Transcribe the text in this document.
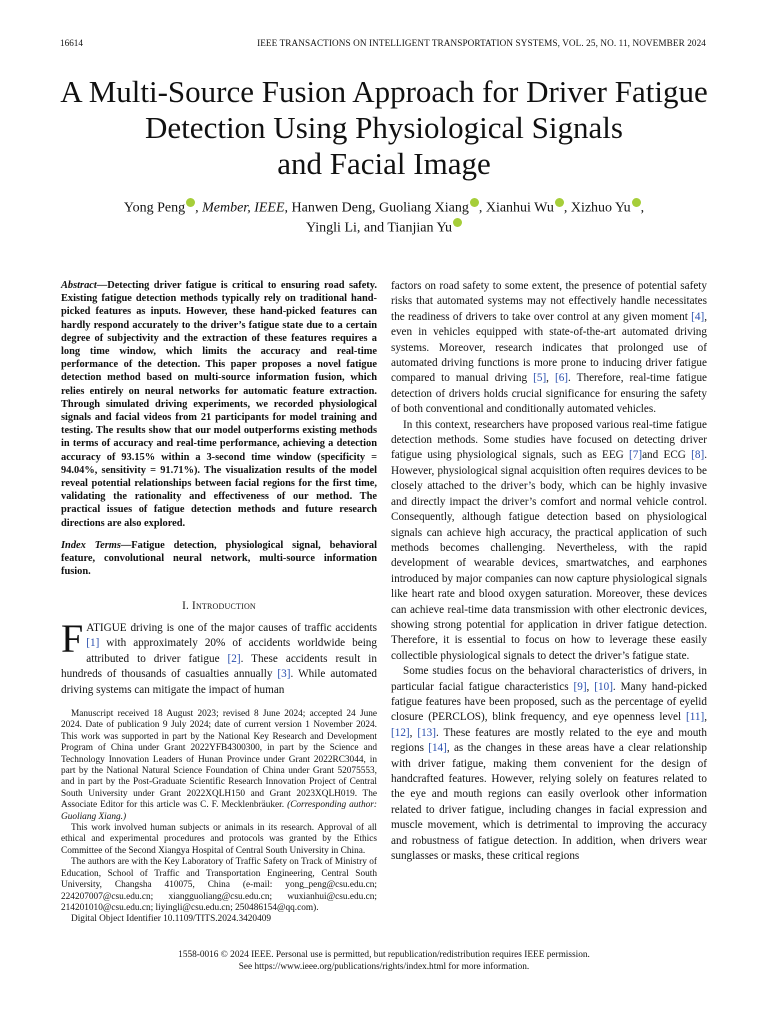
16614	IEEE TRANSACTIONS ON INTELLIGENT TRANSPORTATION SYSTEMS, VOL. 25, NO. 11, NOVEMBER 2024
A Multi-Source Fusion Approach for Driver Fatigue
Detection Using Physiological Signals
and Facial Image
Yong Peng , Member, IEEE, Hanwen Deng, Guoliang Xiang , Xianhui Wu , Xizhuo Yu ,
Yingli Li, and Tianjian Yu
Abstract—Detecting driver fatigue is critical to ensuring road safety. Existing fatigue detection methods typically rely on traditional hand-picked features as inputs. However, these hand-picked features can hardly respond accurately to the driver’s fatigue state due to a certain degree of subjectivity and the extraction of these features requires a long time window, which limits the accuracy and real-time performance of the detection. This paper proposes a novel fatigue detection method based on multi-source information fusion, which relies entirely on neural networks for automatic feature extraction. Through simulated driving experiments, we recorded physiological signals and facial videos from 21 participants for model training and testing. The results show that our model outperforms existing methods in terms of accuracy and real-time performance, achieving a detection accuracy of 93.15% within a 3-second time window (specificity = 94.04%, sensitivity = 91.71%). The visualization results of the model reveal potential relationships between facial regions for the first time, validating the rationality and effectiveness of our method. The practical issues of fatigue detection methods and future research directions are also explored.
Index Terms—Fatigue detection, physiological signal, behavioral feature, convolutional neural network, multi-source information fusion.
I. Introduction

FATIGUE driving is one of the major causes of traffic accidents [1] with approximately 20% of accidents worldwide being attributed to driver fatigue [2]. These accidents result in hundreds of thousands of casualties annually [3]. While automated driving systems can mitigate the impact of human

Manuscript received 18 August 2023; revised 8 June 2024; accepted 24 June 2024. Date of publication 9 July 2024; date of current version 1 November 2024. This work was supported in part by the National Key Research and Development Program of China under Grant 2022YFB4300300, in part by the Science and Technology Innovation Leaders of Hunan Province under Grant 2022RC3044, in part by the National Natural Science Foundation of China under Grant 52075553, and in part by the Post-Graduate Scientific Research Innovation Project of Central South University under Grant 2022XQLH150 and Grant 2023XQLH019. The Associate Editor for this article was C. F. Mecklenbräuker. (Corresponding author: Guoliang Xiang.)

This work involved human subjects or animals in its research. Approval of all ethical and experimental procedures and protocols was granted by the Ethics Committee of the Second Xiangya Hospital of Central South University in China.

The authors are with the Key Laboratory of Traffic Safety on Track of Ministry of Education, School of Traffic and Transportation Engineering, Central South University, Changsha 410075, China (e-mail: yong_peng@csu.edu.cn; 224207007@csu.edu.cn; xiangguoliang@csu.edu.cn; wuxianhui@csu.edu.cn; 214201010@csu.edu.cn; liyingli@csu.edu.cn; 250486154@qq.com).

Digital Object Identifier 10.1109/TITS.2024.3420409

factors on road safety to some extent, the presence of potential safety risks that automated systems may not effectively handle necessitates the readiness of drivers to take over control at any given moment [4], even in vehicles equipped with state-of-the-art automated driving systems. Moreover, research indicates that prolonged use of automated driving functions is more prone to inducing driver fatigue compared to manual driving [5], [6]. Therefore, real-time fatigue detection of drivers holds crucial significance for ensuring the safety of both conventional and conditionally automated vehicles.

In this context, researchers have proposed various real-time fatigue detection methods. Some studies have focused on detecting driver fatigue using physiological signals, such as EEG [7]and ECG [8]. However, physiological signal acquisition often requires devices to be closely attached to the driver’s body, which can be highly invasive and directly impact the driver’s comfort and normal vehicle control. Consequently, although fatigue detection based on physiological signals can achieve high accuracy, the practical application of such methods becomes challenging. Nevertheless, with the rapid development of wearable devices, smartwatches, and earphones introduced by major companies can now capture physiological signals like heart rate and blood oxygen saturation. Moreover, these devices can achieve real-time data transmission with other electronic devices, showing strong potential for application in driver fatigue detection. Therefore, it is essential to focus on how to leverage these easily collectible physiological signals to detect the driver’s fatigue state.

Some studies focus on the behavioral characteristics of drivers, in particular facial fatigue characteristics [9], [10]. Many hand-picked fatigue features have been proposed, such as the percentage of eyelid closure (PERCLOS), blink frequency, and eye openness level [11], [12], [13]. These features are mostly related to the eye and mouth regions [14], as the changes in these areas have a clear relationship with driver fatigue, making them convenient for the design of handcrafted features. However, relying solely on features related to the eye and mouth regions can easily overlook other information related to driver fatigue, including changes in facial expression and muscle movement, which is detrimental to improving the accuracy and robustness of fatigue detection. In addition, when drivers wear sunglasses or masks, these critical regions

1558-0016 © 2024 IEEE. Personal use is permitted, but republication/redistribution requires IEEE permission.
See https://www.ieee.org/publications/rights/index.html for more information.
